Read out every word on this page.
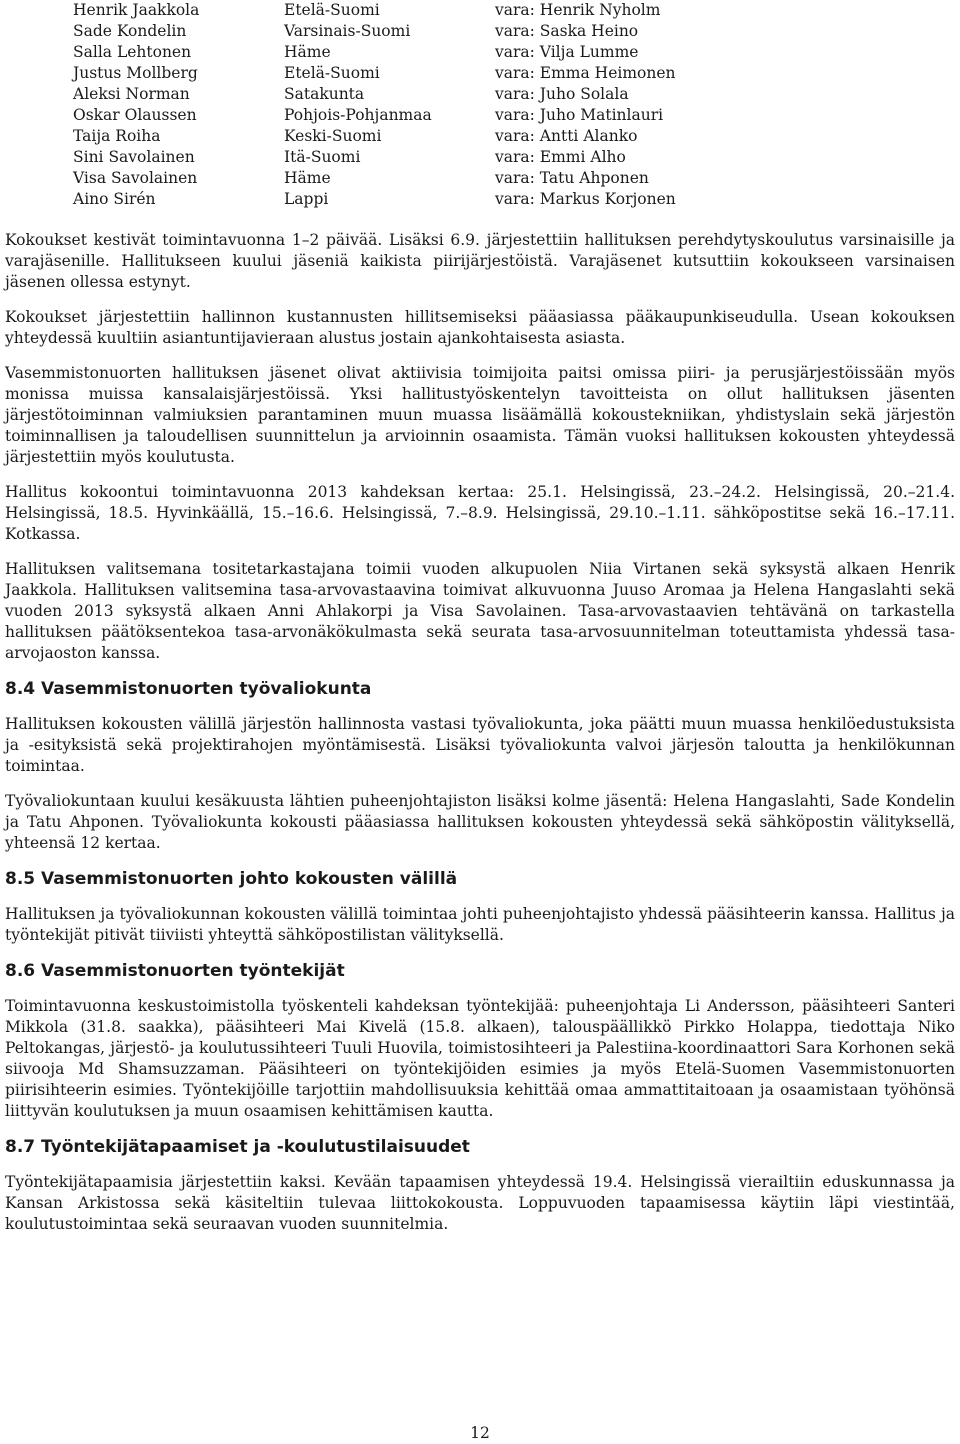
Henrik Jaakkola	Etelä-Suomi	vara: Henrik Nyholm
Sade Kondelin	Varsinais-Suomi	vara: Saska Heino
Salla Lehtonen	Häme	vara: Vilja Lumme
Justus Mollberg	Etelä-Suomi	vara: Emma Heimonen
Aleksi Norman	Satakunta	vara: Juho Solala
Oskar Olaussen	Pohjois-Pohjanmaa	vara: Juho Matinlauri
Taija Roiha	Keski-Suomi	vara: Antti Alanko
Sini Savolainen	Itä-Suomi	vara: Emmi Alho
Visa Savolainen	Häme	vara: Tatu Ahponen
Aino Sirén	Lappi	vara: Markus Korjonen

Kokoukset kestivät toimintavuonna 1–2 päivää. Lisäksi 6.9. järjestettiin hallituksen perehdytyskoulutus varsinaisille ja varajäsenille. Hallitukseen kuului jäseniä kaikista piirijärjestöistä. Varajäsenet kutsuttiin kokoukseen varsinaisen jäsenen ollessa estynyt.

Kokoukset järjestettiin hallinnon kustannusten hillitsemiseksi pääasiassa pääkaupunkiseudulla. Usean kokouksen yhteydessä kuultiin asiantuntijavieraan alustus jostain ajankohtaisesta asiasta.

Vasemmistonuorten hallituksen jäsenet olivat aktiivisia toimijoita paitsi omissa piiri- ja perusjärjestöissään myös monissa muissa kansalaisjärjestöissä. Yksi hallitustyöskentelyn tavoitteista on ollut hallituksen jäsenten järjestötoiminnan valmiuksien parantaminen muun muassa lisäämällä kokoustekniikan, yhdistyslain sekä järjestön toiminnallisen ja taloudellisen suunnittelun ja arvioinnin osaamista. Tämän vuoksi hallituksen kokousten yhteydessä järjestettiin myös koulutusta.

Hallitus kokoontui toimintavuonna 2013 kahdeksan kertaa: 25.1. Helsingissä, 23.–24.2. Helsingissä, 20.–21.4. Helsingissä, 18.5. Hyvinkäällä, 15.–16.6. Helsingissä, 7.–8.9. Helsingissä, 29.10.–1.11. sähköpostitse sekä 16.–17.11. Kotkassa.

Hallituksen valitsemana tositetarkastajana toimii vuoden alkupuolen Niia Virtanen sekä syksystä alkaen Henrik Jaakkola. Hallituksen valitsemina tasa-arvovastaavina toimivat alkuvuonna Juuso Aromaa ja Helena Hangaslahti sekä vuoden 2013 syksystä alkaen Anni Ahlakorpi ja Visa Savolainen. Tasa-arvovastaavien tehtävänä on tarkastella hallituksen päätöksentekoa tasa-arvonäkökulmasta sekä seurata tasa-arvosuunnitelman toteuttamista yhdessä tasa-arvojaoston kanssa.

8.4 Vasemmistonuorten työvaliokunta

Hallituksen kokousten välillä järjestön hallinnosta vastasi työvaliokunta, joka päätti muun muassa henkilöedustuksista ja -esityksistä sekä projektirahojen myöntämisestä. Lisäksi työvaliokunta valvoi järjesön taloutta ja henkilökunnan toimintaa.

Työvaliokuntaan kuului kesäkuusta lähtien puheenjohtajiston lisäksi kolme jäsentä: Helena Hangaslahti, Sade Kondelin ja Tatu Ahponen. Työvaliokunta kokousti pääasiassa hallituksen kokousten yhteydessä sekä sähköpostin välityksellä, yhteensä 12 kertaa.

8.5 Vasemmistonuorten johto kokousten välillä

Hallituksen ja työvaliokunnan kokousten välillä toimintaa johti puheenjohtajisto yhdessä pääsihteerin kanssa. Hallitus ja työntekijät pitivät tiiviisti yhteyttä sähköpostilistan välityksellä.

8.6 Vasemmistonuorten työntekijät

Toimintavuonna keskustoimistolla työskenteli kahdeksan työntekijää: puheenjohtaja Li Andersson, pääsihteeri Santeri Mikkola (31.8. saakka), pääsihteeri Mai Kivelä (15.8. alkaen), talouspäällikkö Pirkko Holappa, tiedottaja Niko Peltokangas, järjestö- ja koulutussihteeri Tuuli Huovila, toimistosihteeri ja Palestiina-koordinaattori Sara Korhonen sekä siivooja Md Shamsuzzaman. Pääsihteeri on työntekijöiden esimies ja myös Etelä-Suomen Vasemmistonuorten piirisihteerin esimies. Työntekijöille tarjottiin mahdollisuuksia kehittää omaa ammattitaitoaan ja osaamistaan työhönsä liittyvän koulutuksen ja muun osaamisen kehittämisen kautta.

8.7 Työntekijätapaamiset ja -koulutustilaisuudet

Työntekijätapaamisia järjestettiin kaksi. Kevään tapaamisen yhteydessä 19.4. Helsingissä vierailtiin eduskunnassa ja Kansan Arkistossa sekä käsiteltiin tulevaa liittokokousta. Loppuvuoden tapaamisessa käytiin läpi viestintää, koulutustoimintaa sekä seuraavan vuoden suunnitelmia.

12
